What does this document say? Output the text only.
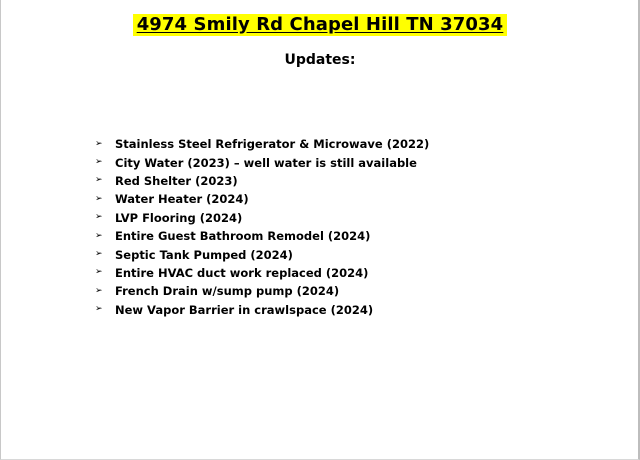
4974 Smily Rd Chapel Hill TN 37034
Updates:
➢	Stainless Steel Refrigerator & Microwave (2022)
➢	City Water (2023) – well water is still available
➢	Red Shelter (2023)
➢	Water Heater (2024)
➢	LVP Flooring (2024)
➢	Entire Guest Bathroom Remodel (2024)
➢	Septic Tank Pumped (2024)
➢	Entire HVAC duct work replaced (2024)
➢	French Drain w/sump pump (2024)
➢	New Vapor Barrier in crawlspace (2024)
